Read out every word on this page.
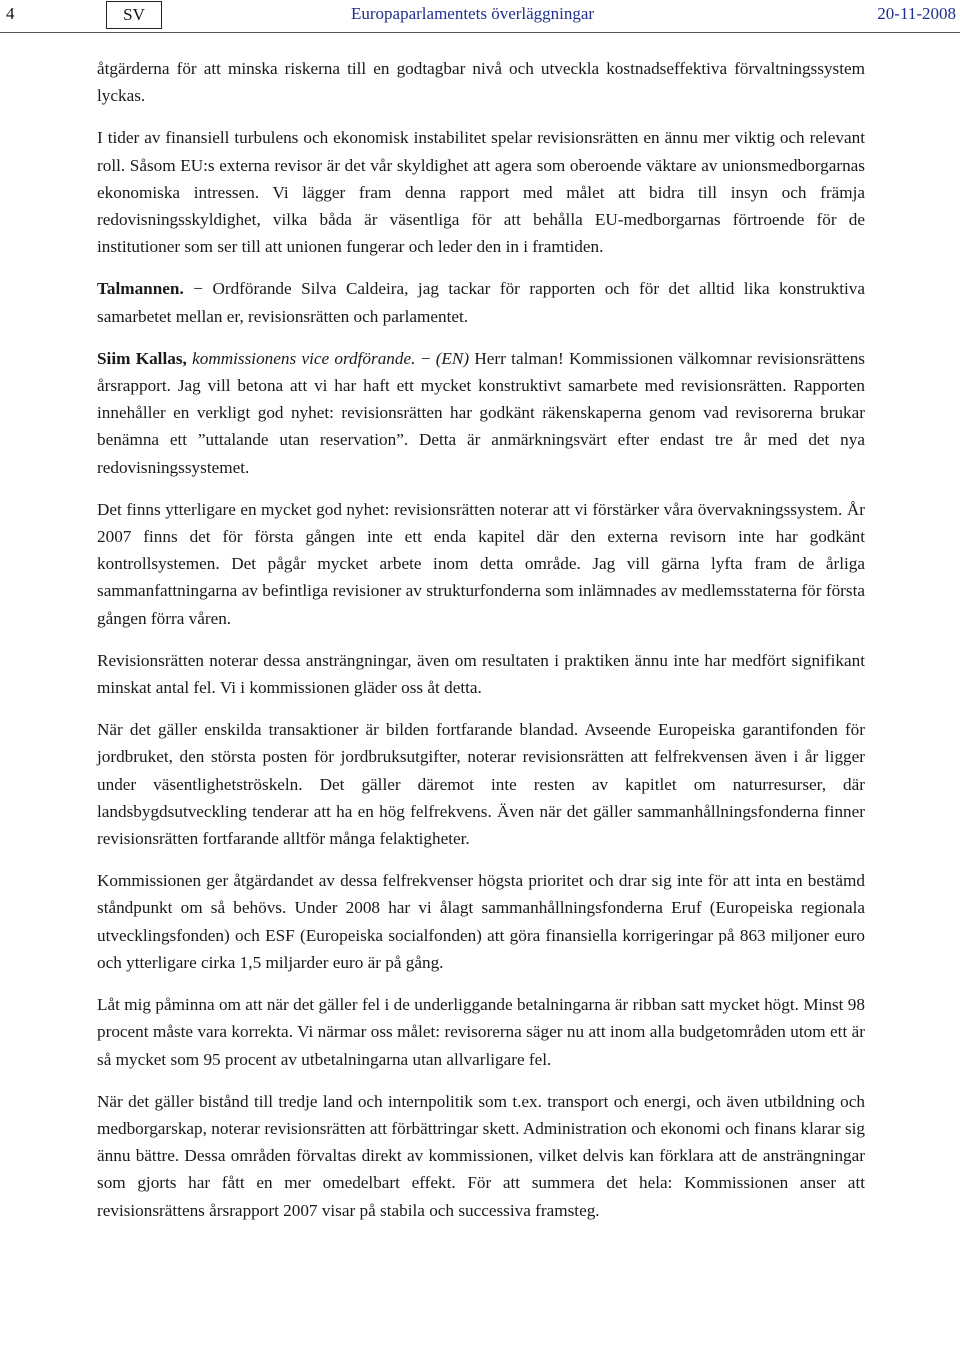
4	SV	Europaparlamentets överläggningar	20-11-2008

åtgärderna för att minska riskerna till en godtagbar nivå och utveckla kostnadseffektiva förvaltningssystem lyckas.

I tider av finansiell turbulens och ekonomisk instabilitet spelar revisionsrätten en ännu mer viktig och relevant roll. Såsom EU:s externa revisor är det vår skyldighet att agera som oberoende väktare av unionsmedborgarnas ekonomiska intressen. Vi lägger fram denna rapport med målet att bidra till insyn och främja redovisningsskyldighet, vilka båda är väsentliga för att behålla EU-medborgarnas förtroende för de institutioner som ser till att unionen fungerar och leder den in i framtiden.

Talmannen. − Ordförande Silva Caldeira, jag tackar för rapporten och för det alltid lika konstruktiva samarbetet mellan er, revisionsrätten och parlamentet.

Siim Kallas, kommissionens vice ordförande. − (EN) Herr talman! Kommissionen välkomnar revisionsrättens årsrapport. Jag vill betona att vi har haft ett mycket konstruktivt samarbete med revisionsrätten. Rapporten innehåller en verkligt god nyhet: revisionsrätten har godkänt räkenskaperna genom vad revisorerna brukar benämna ett ”uttalande utan reservation”. Detta är anmärkningsvärt efter endast tre år med det nya redovisningssystemet.

Det finns ytterligare en mycket god nyhet: revisionsrätten noterar att vi förstärker våra övervakningssystem. År 2007 finns det för första gången inte ett enda kapitel där den externa revisorn inte har godkänt kontrollsystemen. Det pågår mycket arbete inom detta område. Jag vill gärna lyfta fram de årliga sammanfattningarna av befintliga revisioner av strukturfonderna som inlämnades av medlemsstaterna för första gången förra våren.

Revisionsrätten noterar dessa ansträngningar, även om resultaten i praktiken ännu inte har medfört signifikant minskat antal fel. Vi i kommissionen gläder oss åt detta.

När det gäller enskilda transaktioner är bilden fortfarande blandad. Avseende Europeiska garantifonden för jordbruket, den största posten för jordbruksutgifter, noterar revisionsrätten att felfrekvensen även i år ligger under väsentlighetströskeln. Det gäller däremot inte resten av kapitlet om naturresurser, där landsbygdsutveckling tenderar att ha en hög felfrekvens. Även när det gäller sammanhållningsfonderna finner revisionsrätten fortfarande alltför många felaktigheter.

Kommissionen ger åtgärdandet av dessa felfrekvenser högsta prioritet och drar sig inte för att inta en bestämd ståndpunkt om så behövs. Under 2008 har vi ålagt sammanhållningsfonderna Eruf (Europeiska regionala utvecklingsfonden) och ESF (Europeiska socialfonden) att göra finansiella korrigeringar på 863 miljoner euro och ytterligare cirka 1,5 miljarder euro är på gång.

Låt mig påminna om att när det gäller fel i de underliggande betalningarna är ribban satt mycket högt. Minst 98 procent måste vara korrekta. Vi närmar oss målet: revisorerna säger nu att inom alla budgetområden utom ett är så mycket som 95 procent av utbetalningarna utan allvarligare fel.

När det gäller bistånd till tredje land och internpolitik som t.ex. transport och energi, och även utbildning och medborgarskap, noterar revisionsrätten att förbättringar skett. Administration och ekonomi och finans klarar sig ännu bättre. Dessa områden förvaltas direkt av kommissionen, vilket delvis kan förklara att de ansträngningar som gjorts har fått en mer omedelbart effekt. För att summera det hela: Kommissionen anser att revisionsrättens årsrapport 2007 visar på stabila och successiva framsteg.
